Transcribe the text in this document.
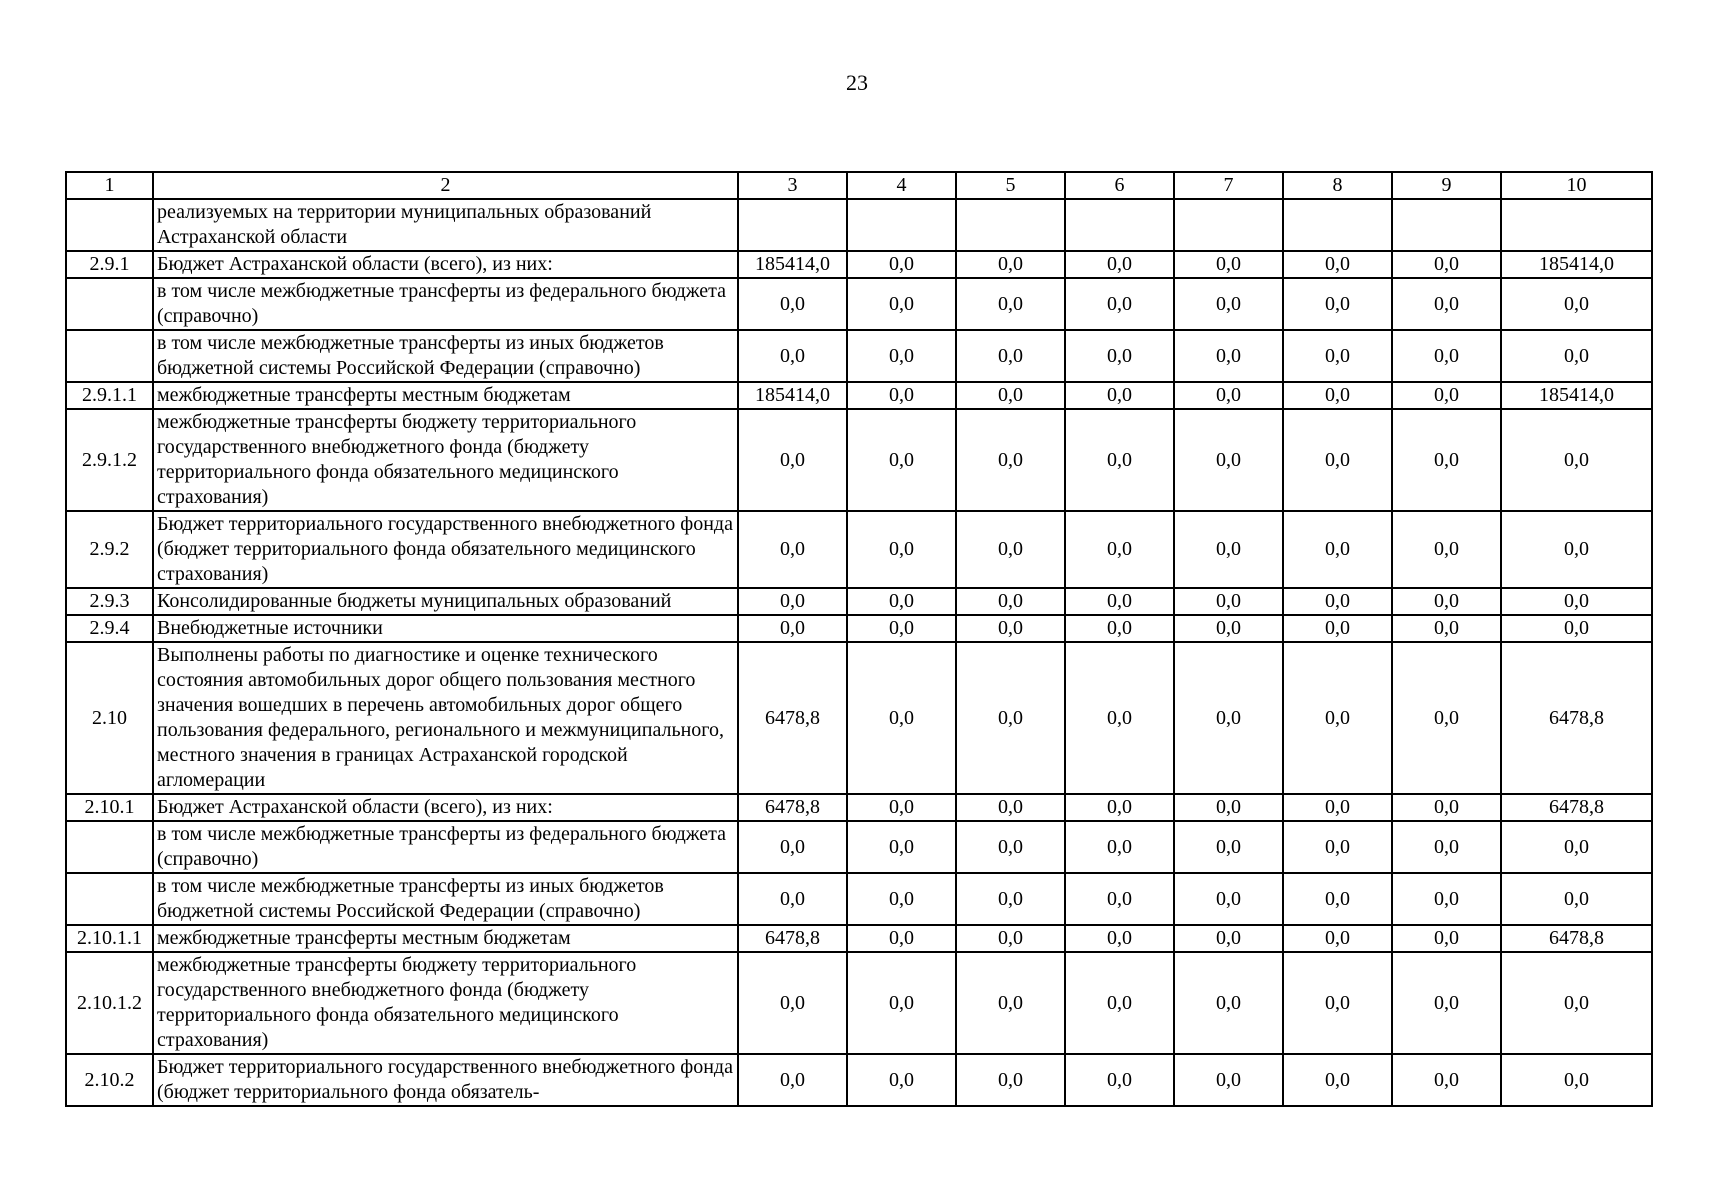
23
1	2	3	4	5	6	7	8	9	10
	реализуемых на территории муниципальных образований Астраханской области								
2.9.1	Бюджет Астраханской области (всего), из них:	185414,0	0,0	0,0	0,0	0,0	0,0	0,0	185414,0
	в том числе межбюджетные трансферты из федерального бюджета (справочно)	0,0	0,0	0,0	0,0	0,0	0,0	0,0	0,0
	в том числе межбюджетные трансферты из иных бюджетов бюджетной системы Российской Федерации (справочно)	0,0	0,0	0,0	0,0	0,0	0,0	0,0	0,0
2.9.1.1	межбюджетные трансферты местным бюджетам	185414,0	0,0	0,0	0,0	0,0	0,0	0,0	185414,0
2.9.1.2	межбюджетные трансферты бюджету территориального государственного внебюджетного фонда (бюджету территориального фонда обязательного медицинского страхования)	0,0	0,0	0,0	0,0	0,0	0,0	0,0	0,0
2.9.2	Бюджет территориального государственного внебюджетного фонда (бюджет территориального фонда обязательного медицинского страхования)	0,0	0,0	0,0	0,0	0,0	0,0	0,0	0,0
2.9.3	Консолидированные бюджеты муниципальных образований	0,0	0,0	0,0	0,0	0,0	0,0	0,0	0,0
2.9.4	Внебюджетные источники	0,0	0,0	0,0	0,0	0,0	0,0	0,0	0,0
2.10	Выполнены работы по диагностике и оценке технического состояния автомобильных дорог общего пользования местного значения вошедших в перечень автомобильных дорог общего пользования федерального, регионального и межмуниципального, местного значения в границах Астраханской городской агломерации	6478,8	0,0	0,0	0,0	0,0	0,0	0,0	6478,8
2.10.1	Бюджет Астраханской области (всего), из них:	6478,8	0,0	0,0	0,0	0,0	0,0	0,0	6478,8
	в том числе межбюджетные трансферты из федерального бюджета (справочно)	0,0	0,0	0,0	0,0	0,0	0,0	0,0	0,0
	в том числе межбюджетные трансферты из иных бюджетов бюджетной системы Российской Федерации (справочно)	0,0	0,0	0,0	0,0	0,0	0,0	0,0	0,0
2.10.1.1	межбюджетные трансферты местным бюджетам	6478,8	0,0	0,0	0,0	0,0	0,0	0,0	6478,8
2.10.1.2	межбюджетные трансферты бюджету территориального государственного внебюджетного фонда (бюджету территориального фонда обязательного медицинского страхования)	0,0	0,0	0,0	0,0	0,0	0,0	0,0	0,0
2.10.2	Бюджет территориального государственного внебюджетного фонда (бюджет территориального фонда обязатель-	0,0	0,0	0,0	0,0	0,0	0,0	0,0	0,0
